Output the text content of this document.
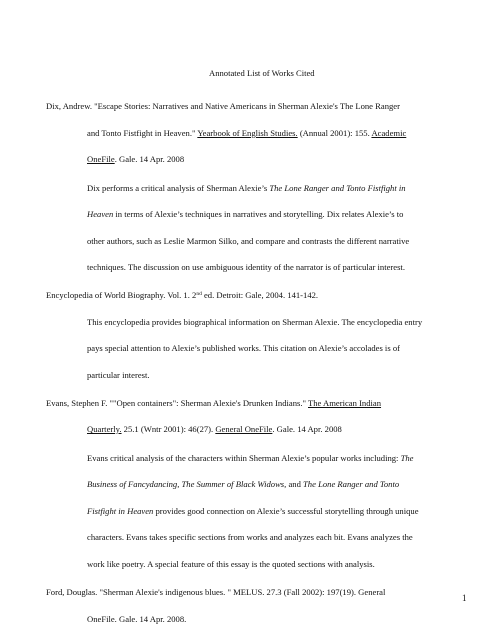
Annotated List of Works Cited
Dix, Andrew. "Escape Stories: Narratives and Native Americans in Sherman Alexie's The Lone Ranger
and Tonto Fistfight in Heaven." Yearbook of English Studies. (Annual 2001): 155. Academic
OneFile. Gale. 14 Apr. 2008
Dix performs a critical analysis of Sherman Alexie’s The Lone Ranger and Tonto Fistfight in
Heaven in terms of Alexie’s techniques in narratives and storytelling. Dix relates Alexie’s to
other authors, such as Leslie Marmon Silko, and compare and contrasts the different narrative
techniques. The discussion on use ambiguous identity of the narrator is of particular interest.
Encyclopedia of World Biography. Vol. 1. 2nd ed. Detroit: Gale, 2004. 141-142.
This encyclopedia provides biographical information on Sherman Alexie. The encyclopedia entry
pays special attention to Alexie’s published works. This citation on Alexie’s accolades is of
particular interest.
Evans, Stephen F. ""Open containers": Sherman Alexie's Drunken Indians." The American Indian
Quarterly. 25.1 (Wntr 2001): 46(27). General OneFile. Gale. 14 Apr. 2008
Evans critical analysis of the characters within Sherman Alexie’s popular works including: The
Business of Fancydancing, The Summer of Black Widows, and The Lone Ranger and Tonto
Fistfight in Heaven provides good connection on Alexie’s successful storytelling through unique
characters. Evans takes specific sections from works and analyzes each bit. Evans analyzes the
work like poetry. A special feature of this essay is the quoted sections with analysis.
Ford, Douglas. "Sherman Alexie's indigenous blues. " MELUS. 27.3 (Fall 2002): 197(19). General
OneFile. Gale. 14 Apr. 2008.
1
